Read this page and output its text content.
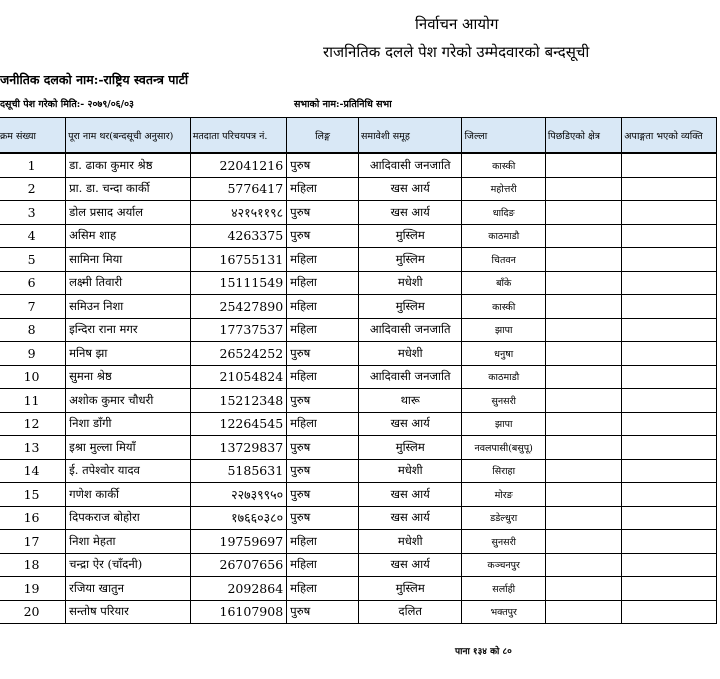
निर्वाचन आयोग
राजनितिक दलले पेश गरेको उम्मेदवारको बन्दसूची
जनीतिक दलको नाम:-राष्ट्रिय स्वतन्त्र पार्टी
दसूची पेश गरेको मिति:- २०७९/०६/०३	सभाको नाम:-प्रतिनिधि सभा
क्रम संख्या	पूरा नाम थर(बन्दसूची अनुसार)	मतदाता परिचयपत्र नं.	लिङ्ग	समावेशी समूह	जिल्ला	पिछडिएको क्षेत्र	अपाङ्गता भएको व्यक्ति
1	डा. ढाका कुमार श्रेष्ठ	22041216	पुरुष	आदिवासी जनजाति	कास्की		
2	प्रा. डा. चन्दा कार्की	5776417	महिला	खस आर्य	महोत्तरी		
3	डोल प्रसाद अर्याल	४२१५११९८	पुरुष	खस आर्य	धादिङ		
4	असिम शाह	4263375	पुरुष	मुस्लिम	काठमाडौ		
5	सामिना मिया	16755131	महिला	मुस्लिम	चितवन		
6	लक्ष्मी तिवारी	15111549	महिला	मधेशी	बाँके		
7	समिउन निशा	25427890	महिला	मुस्लिम	कास्की		
8	इन्दिरा राना मगर	17737537	महिला	आदिवासी जनजाति	झापा		
9	मनिष झा	26524252	पुरुष	मधेशी	धनुषा		
10	सुमना श्रेष्ठ	21054824	महिला	आदिवासी जनजाति	काठमाडौ		
11	अशोक कुमार चौधरी	15212348	पुरुष	थारू	सुनसरी		
12	निशा डाँगी	12264545	महिला	खस आर्य	झापा		
13	इश्रा मुल्ला मियाँ	13729837	पुरुष	मुस्लिम	नवलपासी(बसुपू)		
14	ई. तपेश्वोर यादव	5185631	पुरुष	मधेशी	सिराहा		
15	गणेश कार्की	२२७३९९५०	पुरुष	खस आर्य	मोरङ		
16	दिपकराज बोहोरा	१७६६०३८०	पुरुष	खस आर्य	डडेल्धुरा		
17	निशा मेहता	19759697	महिला	मधेशी	सुनसरी		
18	चन्द्रा ऐर (चाँदनी)	26707656	महिला	खस आर्य	कञ्चनपुर		
19	रजिया खातुन	2092864	महिला	मुस्लिम	सर्लाही		
20	सन्तोष परियार	16107908	पुरुष	दलित	भक्तपुर		
पाना १३४ को ८०
